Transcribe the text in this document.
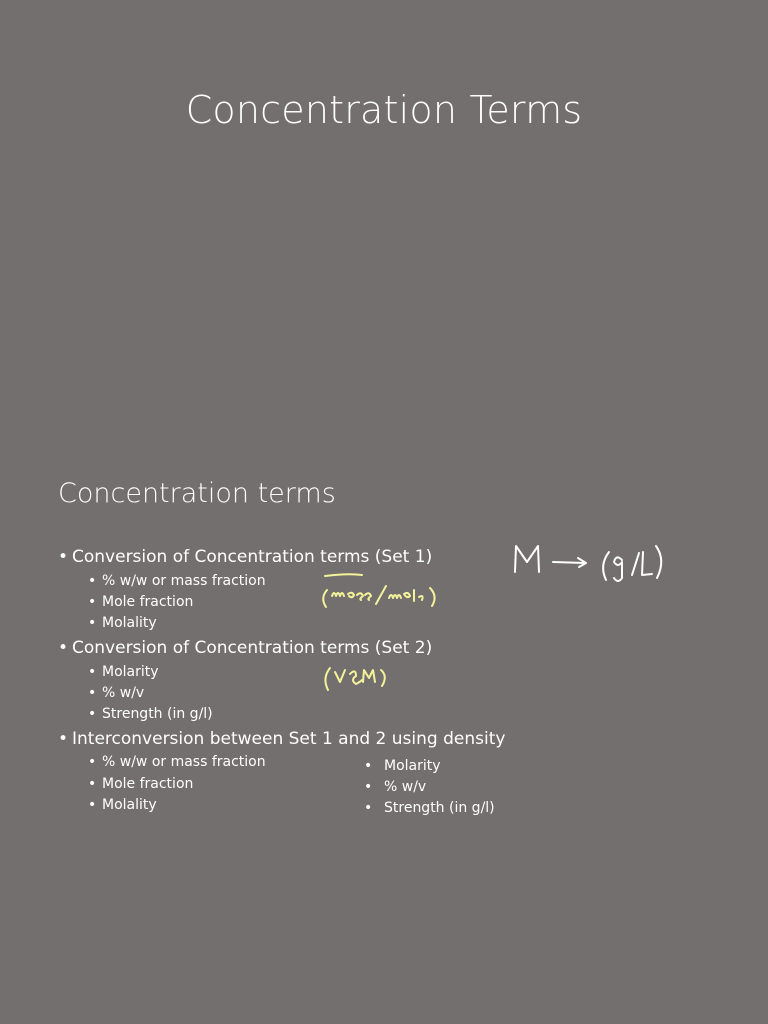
Concentration Terms
Concentration terms
• Conversion of Concentration terms (Set 1)
• % w/w or mass fraction
• Mole fraction
• Molality
• Conversion of Concentration terms (Set 2)
• Molarity
• % w/v
• Strength (in g/l)
• Interconversion between Set 1 and 2 using density
• % w/w or mass fraction
• Mole fraction
• Molality
• Molarity
• % w/v
• Strength (in g/l)
